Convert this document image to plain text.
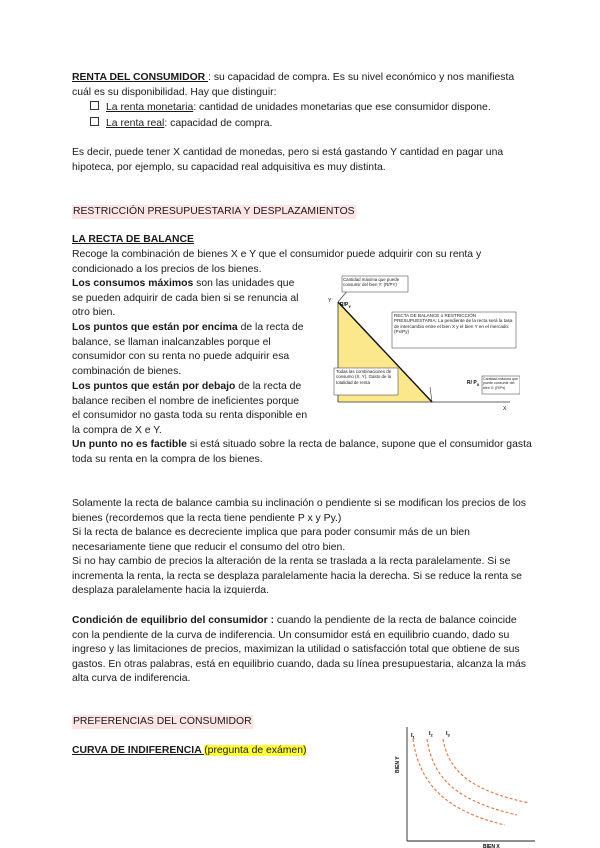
RENTA DEL CONSUMIDOR : su capacidad de compra. Es su nivel económico y nos manifiesta cuál es su disponibilidad. Hay que distinguir:

La renta monetaria: cantidad de unidades monetarias que ese consumidor dispone.
La renta real: capacidad de compra.

Es decir, puede tener X cantidad de monedas, pero si está gastando Y cantidad en pagar una hipoteca, por ejemplo, su capacidad real adquisitiva es muy distinta.

RESTRICCIÓN PRESUPUESTARIA Y DESPLAZAMIENTOS
LA RECTA DE BALANCE

Recoge la combinación de bienes X e Y que el consumidor puede adquirir con su renta y condicionado a los precios de los bienes.

Los consumos máximos son las unidades que se pueden adquirir de cada bien si se renuncia al otro bien.

Los puntos que están por encima de la recta de balance, se llaman inalcanzables porque el consumidor con su renta no puede adquirir esa combinación de bienes.

Los puntos que están por debajo de la recta de balance reciben el nombre de ineficientes porque el consumidor no gasta toda su renta disponible en la compra de X e Y.

Un punto no es factible si está situado sobre la recta de balance, supone que el consumidor gasta toda su renta en la compra de los bienes.

Y
X
$R/P_Y$
R/ $P_X$
Cantidad máxima que puede consumir del bien Y: (R/PY)
RECTA DE BALANCE o RESTRICCIÓN PRESUPUESTARIA: La pendiente de la recta será la tasa de intercambio entre el bien X y el bien Y en el mercado: (Px/Py)
Todas las combinaciones de consumo (X, Y). Gasto de la totalidad de renta
Cantidad máxima que puede consumir del bien X: (R/Px)

Solamente la recta de balance cambia su inclinación o pendiente si se modifican los precios de los bienes (recordemos que la recta tiene pendiente P x y Py.)

Si la recta de balance es decreciente implica que para poder consumir más de un bien necesariamente tiene que reducir el consumo del otro bien.

Si no hay cambio de precios la alteración de la renta se traslada a la recta paralelamente. Si se incrementa la renta, la recta se desplaza paralelamente hacia la derecha. Si se reduce la renta se desplaza paralelamente hacia la izquierda.

Condición de equilibrio del consumidor : cuando la pendiente de la recta de balance coincide con la pendiente de la curva de indiferencia. Un consumidor está en equilibrio cuando, dado su ingreso y las limitaciones de precios, maximizan la utilidad o satisfacción total que obtiene de sus gastos. En otras palabras, está en equilibrio cuando, dada su línea presupuestaria, alcanza la más alta curva de indiferencia.

PREFERENCIAS DEL CONSUMIDOR
CURVA DE INDIFERENCIA (pregunta de exámen)
$I_1$	$I_2$ $I_3$
BIEN Y
BIEN X
